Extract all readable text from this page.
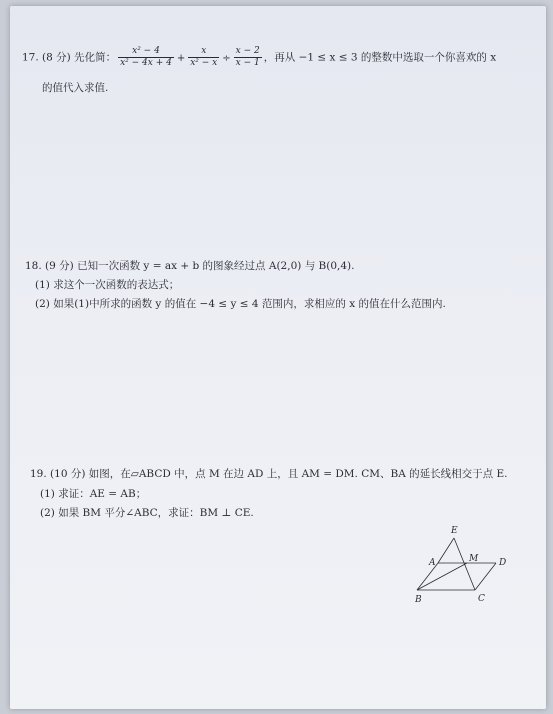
17. (8 分) 先化简： $\frac{\text{x² − 4}}{\text{x² − 4x + 4}} + \frac{x}{\text{x² − x}} \div \frac{x - 2}{x - 1}$ ，再从 −1 ≤ x ≤ 3 的整数中选取一个你喜欢的 x
的值代入求值.
18. (9 分) 已知一次函数 y = ax + b 的图象经过点 A(2,0) 与 B(0,4).
(1) 求这个一次函数的表达式；
(2) 如果(1)中所求的函数 y 的值在 −4 ≤ y ≤ 4 范围内，求相应的 x 的值在什么范围内.
19. (10 分) 如图，在▱ABCD 中，点 M 在边 AD 上，且 AM = DM. CM、BA 的延长线相交于点 E.
(1) 求证：AE = AB；
(2) 如果 BM 平分∠ABC，求证：BM ⊥ CE.
E
A	M D
B	C
